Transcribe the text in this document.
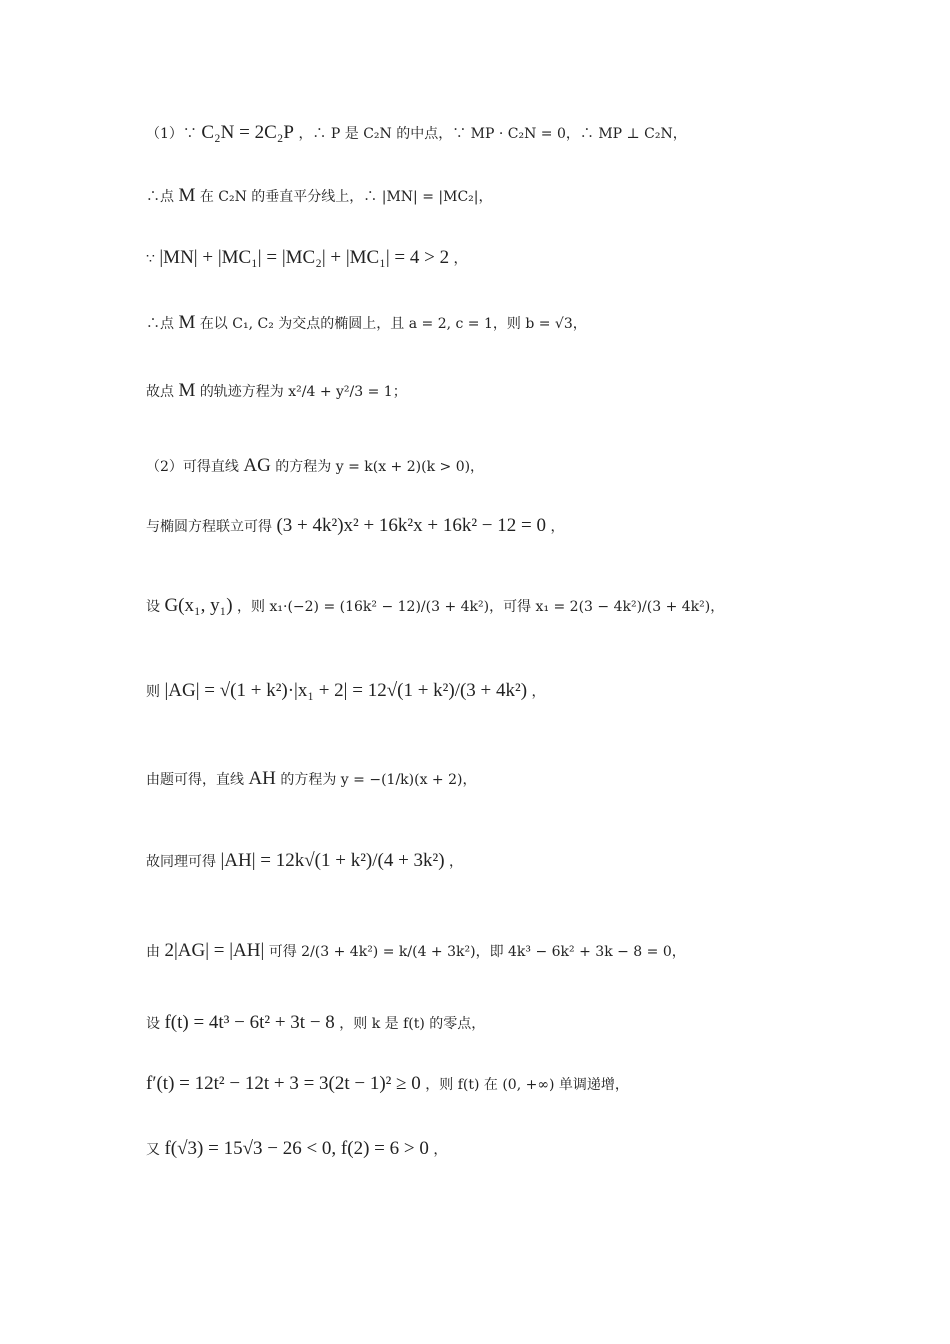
（1）∵ C₂N = 2C₂P ，∴ P 是 C₂N 的中点，∵ MP · C₂N = 0，∴ MP ⊥ C₂N，
∴点 M 在 C₂N 的垂直平分线上，∴ |MN| = |MC₂|，
∵ |MN| + |MC₁| = |MC₂| + |MC₁| = 4 > 2 ，
∴点 M 在以 C₁, C₂ 为交点的椭圆上，且 a = 2, c = 1，则 b = √3，
故点 M 的轨迹方程为 x²/4 + y²/3 = 1；
（2）可得直线 AG 的方程为 y = k(x + 2)(k > 0)，
与椭圆方程联立可得 (3 + 4k²)x² + 16k²x + 16k² − 12 = 0 ，
设 G(x₁, y₁) ，则 x₁·(−2) = (16k² − 12)/(3 + 4k²)，可得 x₁ = 2(3 − 4k²)/(3 + 4k²)，
则 |AG| = √(1 + k²)·|x₁ + 2| = 12√(1 + k²)/(3 + 4k²) ，
由题可得，直线 AH 的方程为 y = −(1/k)(x + 2)，
故同理可得 |AH| = 12k√(1 + k²)/(4 + 3k²) ，
由 2|AG| = |AH| 可得 2/(3 + 4k²) = k/(4 + 3k²)，即 4k³ − 6k² + 3k − 8 = 0，
设 f(t) = 4t³ − 6t² + 3t − 8 ，则 k 是 f(t) 的零点，
f′(t) = 12t² − 12t + 3 = 3(2t − 1)² ≥ 0 ，则 f(t) 在 (0, +∞) 单调递增，
又 f(√3) = 15√3 − 26 < 0, f(2) = 6 > 0 ，
